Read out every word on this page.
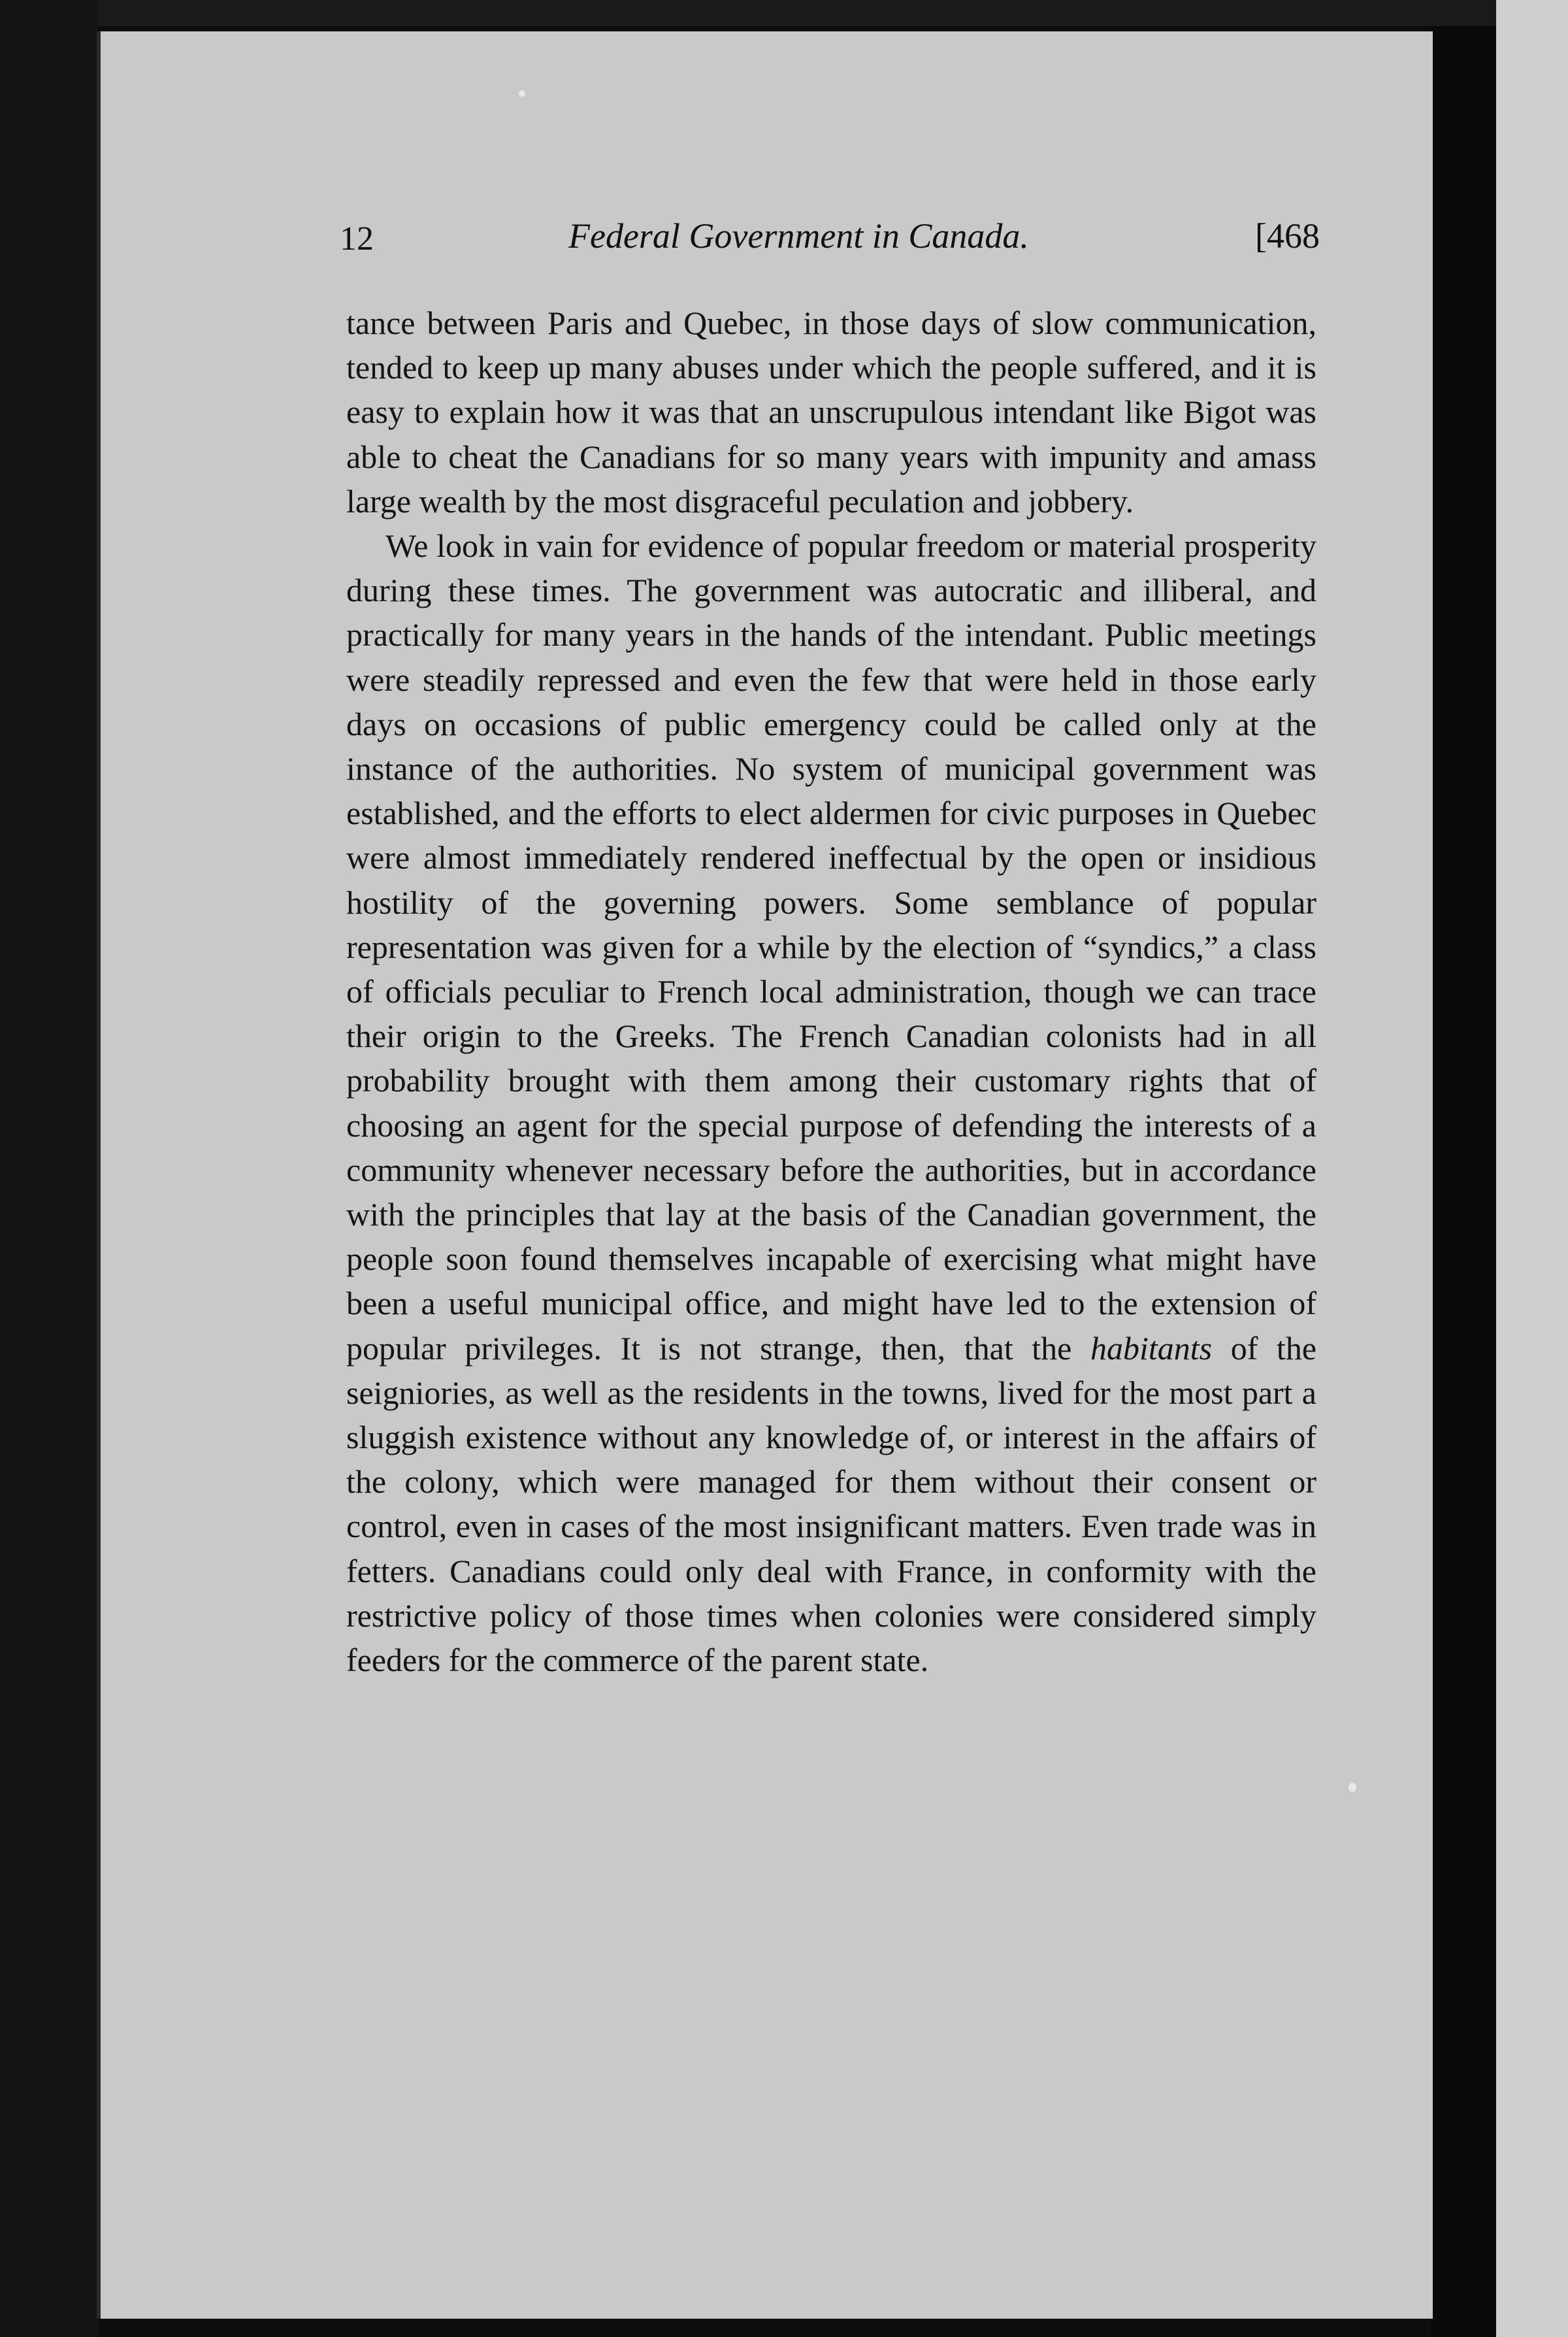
12	Federal Government in Canada.	[468

tance between Paris and Quebec, in those days of slow communication, tended to keep up many abuses under which the people suffered, and it is easy to explain how it was that an unscrupulous intendant like Bigot was able to cheat the Canadians for so many years with impunity and amass large wealth by the most disgraceful peculation and jobbery.

We look in vain for evidence of popular freedom or material prosperity during these times. The government was autocratic and illiberal, and practically for many years in the hands of the intendant. Public meetings were steadily repressed and even the few that were held in those early days on occasions of public emergency could be called only at the instance of the authorities. No system of municipal government was established, and the efforts to elect aldermen for civic purposes in Quebec were almost immediately rendered ineffectual by the open or insidious hostility of the governing powers. Some semblance of popular representation was given for a while by the election of “syndics,” a class of officials peculiar to French local administration, though we can trace their origin to the Greeks. The French Canadian colonists had in all probability brought with them among their customary rights that of choosing an agent for the special purpose of defending the interests of a community whenever necessary before the authorities, but in accordance with the principles that lay at the basis of the Canadian government, the people soon found themselves incapable of exercising what might have been a useful municipal office, and might have led to the extension of popular privileges. It is not strange, then, that the habitants of the seigniories, as well as the residents in the towns, lived for the most part a sluggish existence without any knowledge of, or interest in the affairs of the colony, which were managed for them without their consent or control, even in cases of the most insignificant matters. Even trade was in fetters. Canadians could only deal with France, in conformity with the restrictive policy of those times when colonies were considered simply feeders for the commerce of the parent state.
